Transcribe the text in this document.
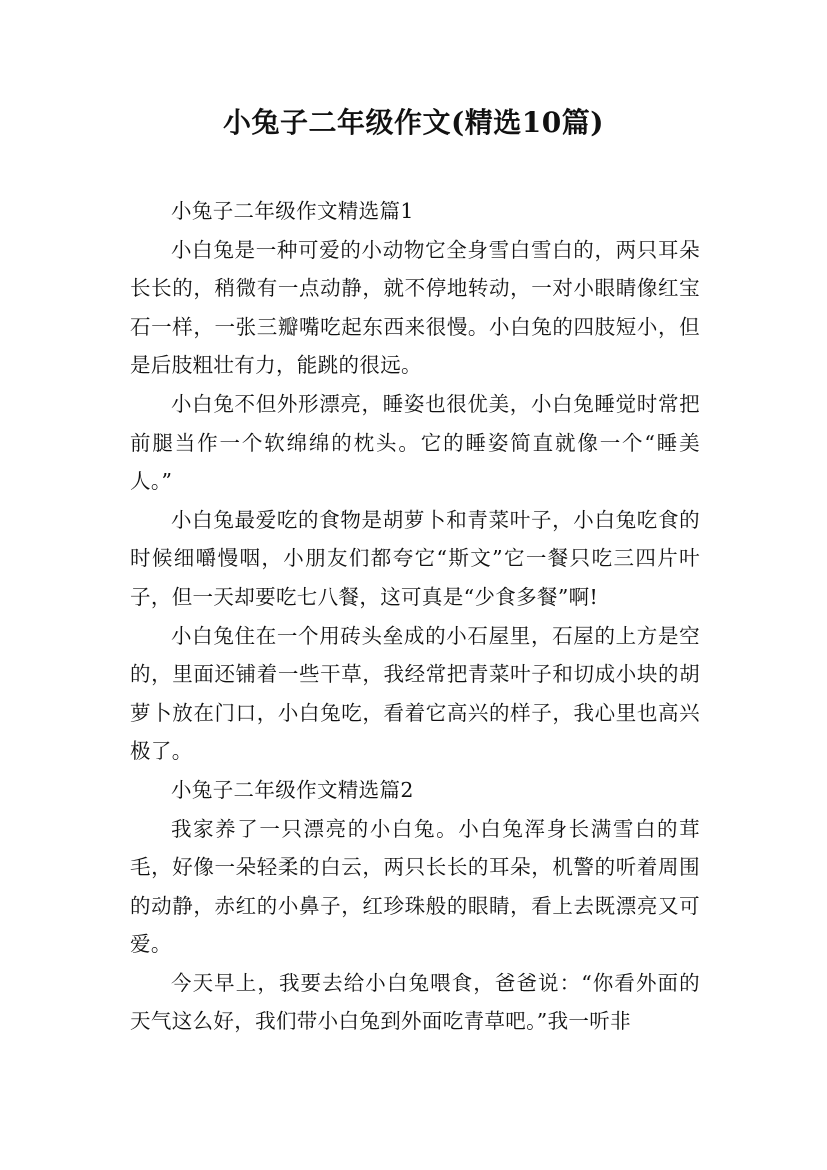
小兔子二年级作文(精选10篇)

小兔子二年级作文精选篇1

小白兔是一种可爱的小动物它全身雪白雪白的，两只耳朵长长的，稍微有一点动静，就不停地转动，一对小眼睛像红宝石一样，一张三瓣嘴吃起东西来很慢。小白兔的四肢短小，但是后肢粗壮有力，能跳的很远。

小白兔不但外形漂亮，睡姿也很优美，小白兔睡觉时常把前腿当作一个软绵绵的枕头。它的睡姿简直就像一个“睡美人。”

小白兔最爱吃的食物是胡萝卜和青菜叶子，小白兔吃食的时候细嚼慢咽，小朋友们都夸它“斯文”它一餐只吃三四片叶子，但一天却要吃七八餐，这可真是“少食多餐”啊!

小白兔住在一个用砖头垒成的小石屋里，石屋的上方是空的，里面还铺着一些干草，我经常把青菜叶子和切成小块的胡萝卜放在门口，小白兔吃，看着它高兴的样子，我心里也高兴极了。

小兔子二年级作文精选篇2

我家养了一只漂亮的小白兔。小白兔浑身长满雪白的茸毛，好像一朵轻柔的白云，两只长长的耳朵，机警的听着周围的动静，赤红的小鼻子，红珍珠般的眼睛，看上去既漂亮又可爱。

今天早上，我要去给小白兔喂食，爸爸说：“你看外面的天气这么好，我们带小白兔到外面吃青草吧。”我一听非
